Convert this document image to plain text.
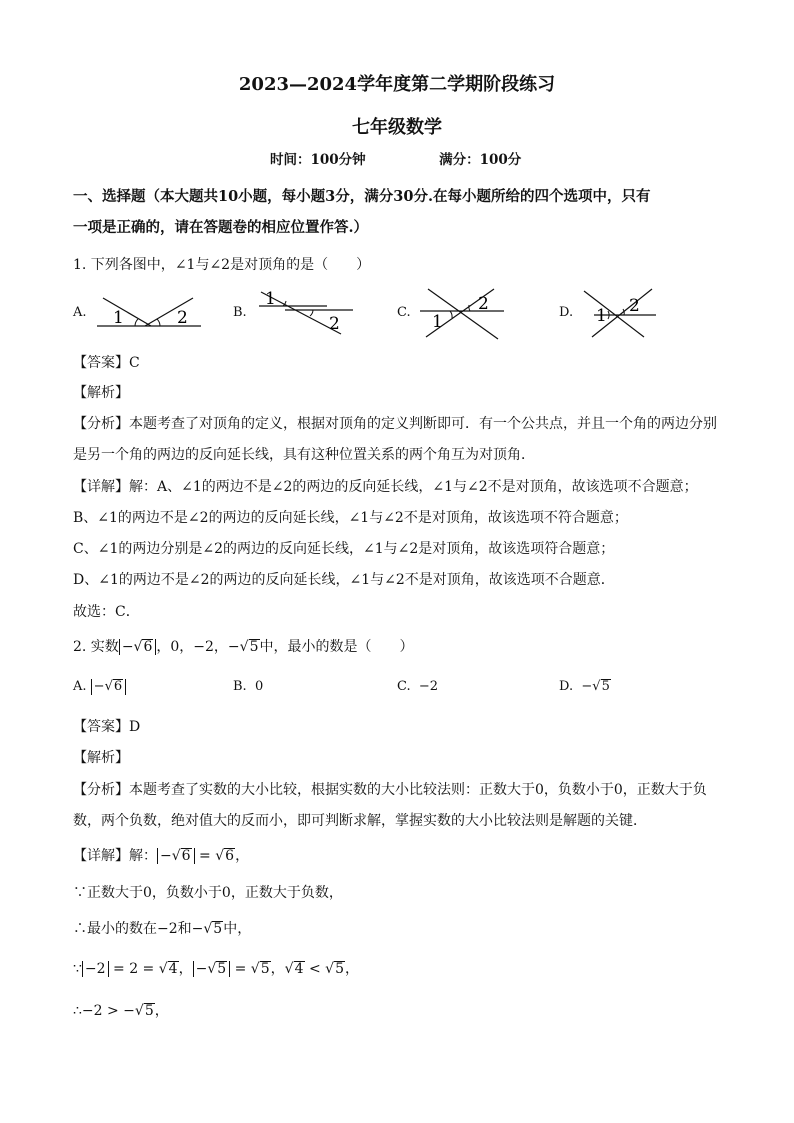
2023—2024学年度第二学期阶段练习
七年级数学
时间：100分钟	满分：100分
一、选择题（本大题共10小题，每小题3分，满分30分.在每小题所给的四个选项中，只有
一项是正确的，请在答题卷的相应位置作答.）
1. 下列各图中，∠1与∠2是对顶角的是（　　）
A. 1	2	B.
1
2
C. 1
2	D. 1 2
【答案】C
【解析】
【分析】本题考查了对顶角的定义，根据对顶角的定义判断即可．有一个公共点，并且一个角的两边分别
是另一个角的两边的反向延长线，具有这种位置关系的两个角互为对顶角．
【详解】解：A、∠1的两边不是∠2的两边的反向延长线，∠1与∠2不是对顶角，故该选项不合题意；
B、∠1的两边不是∠2的两边的反向延长线，∠1与∠2不是对顶角，故该选项不符合题意；
C、∠1的两边分别是∠2的两边的反向延长线，∠1与∠2是对顶角，故该选项符合题意；
D、∠1的两边不是∠2的两边的反向延长线，∠1与∠2不是对顶角，故该选项不合题意．
故选：C．
2. 实数 −√6 ，0，−2，−√5中，最小的数是（　　）
A. −√6	B. 0	C. −2	D. −√5
【答案】D
【解析】
【分析】本题考查了实数的大小比较，根据实数的大小比较法则：正数大于0，负数小于0，正数大于负
数，两个负数，绝对值大的反而小，即可判断求解，掌握实数的大小比较法则是解题的关键．
【详解】解： −√6 = √6，
∵正数大于0，负数小于0，正数大于负数，
∴最小的数在−2和−√5中，
∵ −2 = 2 = √4， −√5 = √5，√4 < √5，
∴−2 > −√5，
